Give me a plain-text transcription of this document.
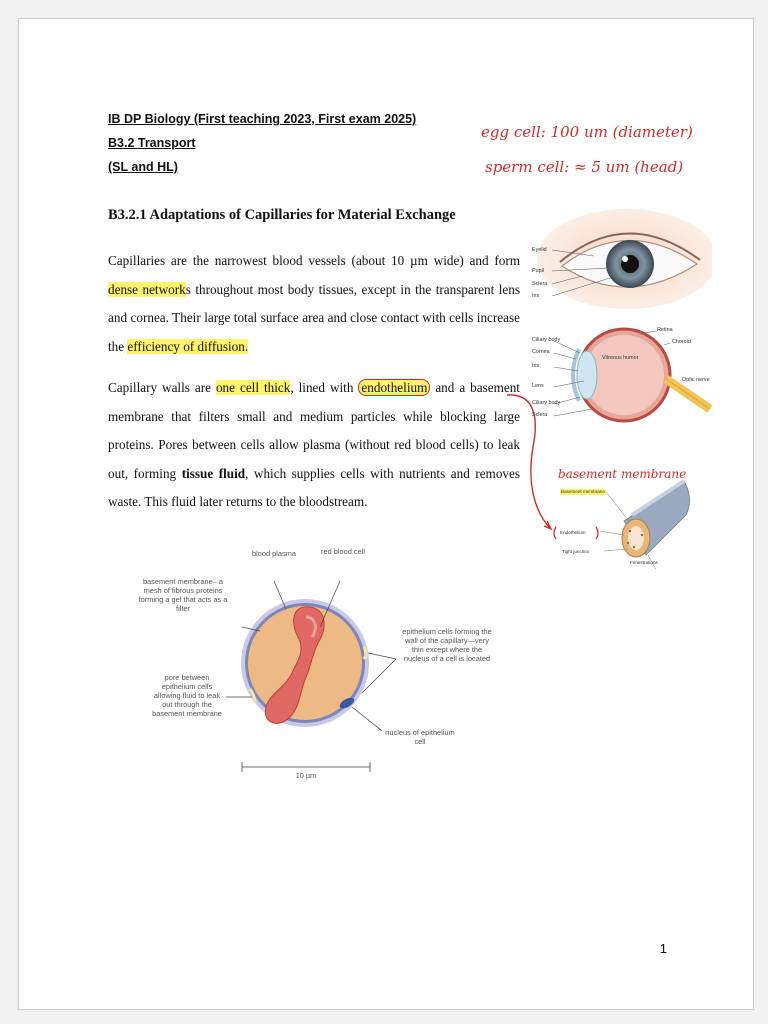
IB DP Biology (First teaching 2023, First exam 2025)
B3.2 Transport
(SL and HL)
egg cell: 100 um (diameter)
sperm cell: ≈ 5 um (head)
B3.2.1 Adaptations of Capillaries for Material Exchange
Capillaries are the narrowest blood vessels (about 10 µm wide) and form dense networks throughout most body tissues, except in the transparent lens and cornea. Their large total surface area and close contact with cells increase the efficiency of diffusion.
Capillary walls are one cell thick, lined with endothelium and a basement membrane that filters small and medium particles while blocking large proteins. Pores between cells allow plasma (without red blood cells) to leak out, forming tissue fluid, which supplies cells with nutrients and removes waste. This fluid later returns to the bloodstream.
Eyelid
Pupil
Sclera
Iris
Ciliary body
Cornea
Iris
Lens
Ciliary body
Sclera
Retina
Choroid
Vitreous humor
Optic nerve
basement membrane
Basement membrane
Endothelium
Tight junction
Fenestrations
blood plasma	red blood cell
basement membrane– a mesh of fibrous proteins forming a gel that acts as a filter
epithelium cells forming the wall of the capillary—very thin except where the nucleus of a cell is located
pore between epithelium cells allowing fluid to leak out through the basement membrane
nucleus of epithelium cell
10 µm
1
